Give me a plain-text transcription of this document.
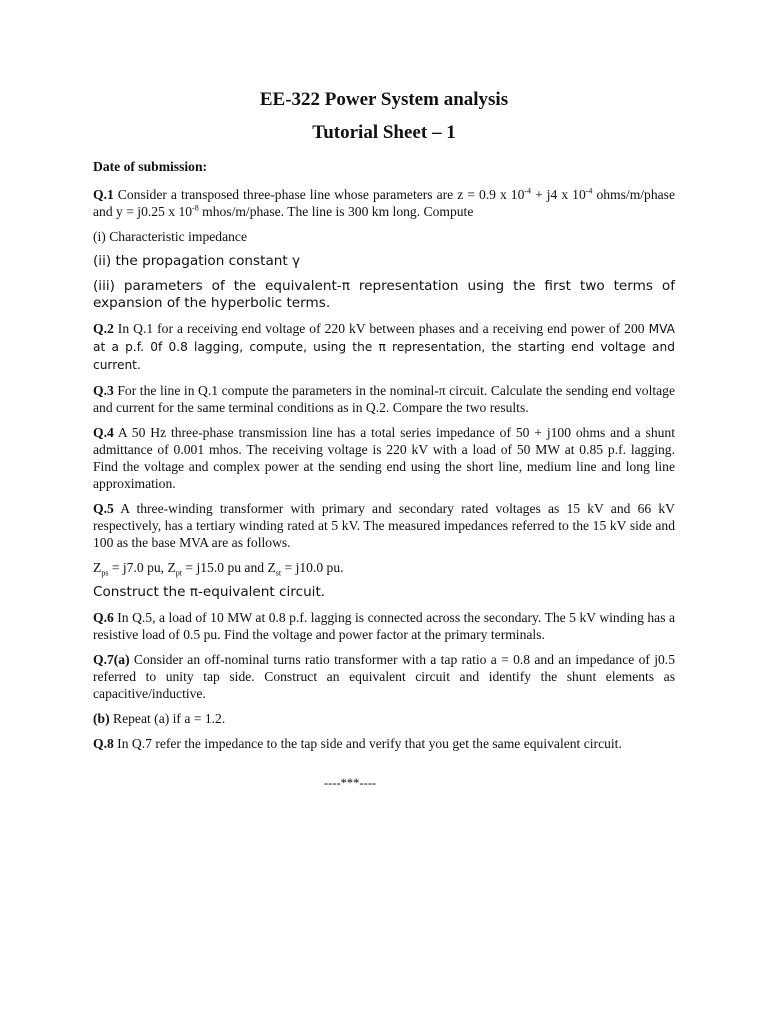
EE-322 Power System analysis
Tutorial Sheet – 1
Date of submission:

Q.1 Consider a transposed three-phase line whose parameters are z = 0.9 x $10^{-4} + j4$ x $10^{-4}$ ohms/m/phase and y = j0.25 x $10^{-8}$ mhos/m/phase. The line is 300 km long. Compute

(i) Characteristic impedance

(ii) the propagation constant γ

(iii) parameters of the equivalent-π representation using the first two terms of expansion of the hyperbolic terms.

Q.2 In Q.1 for a receiving end voltage of 220 kV between phases and a receiving end power of 200 MVA at a p.f. 0f 0.8 lagging, compute, using the π representation, the starting end voltage and current.

Q.3 For the line in Q.1 compute the parameters in the nominal-π circuit. Calculate the sending end voltage and current for the same terminal conditions as in Q.2. Compare the two results.

Q.4 A 50 Hz three-phase transmission line has a total series impedance of 50 + j100 ohms and a shunt admittance of 0.001 mhos. The receiving voltage is 220 kV with a load of 50 MW at 0.85 p.f. lagging. Find the voltage and complex power at the sending end using the short line, medium line and long line approximation.

Q.5 A three-winding transformer with primary and secondary rated voltages as 15 kV and 66 kV respectively, has a tertiary winding rated at 5 kV. The measured impedances referred to the 15 kV side and 100 as the base MVA are as follows.

$Z_{ps} = j7.0$ pu, $Z_{pt} = j15.0$ pu and $Z_{st} = j10.0$ pu.

Construct the π-equivalent circuit.

Q.6 In Q.5, a load of 10 MW at 0.8 p.f. lagging is connected across the secondary. The 5 kV winding has a resistive load of 0.5 pu. Find the voltage and power factor at the primary terminals.

Q.7(a) Consider an off-nominal turns ratio transformer with a tap ratio a = 0.8 and an impedance of j0.5 referred to unity tap side. Construct an equivalent circuit and identify the shunt elements as capacitive/inductive.

(b) Repeat (a) if a = 1.2.

Q.8 In Q.7 refer the impedance to the tap side and verify that you get the same equivalent circuit.

----***----
